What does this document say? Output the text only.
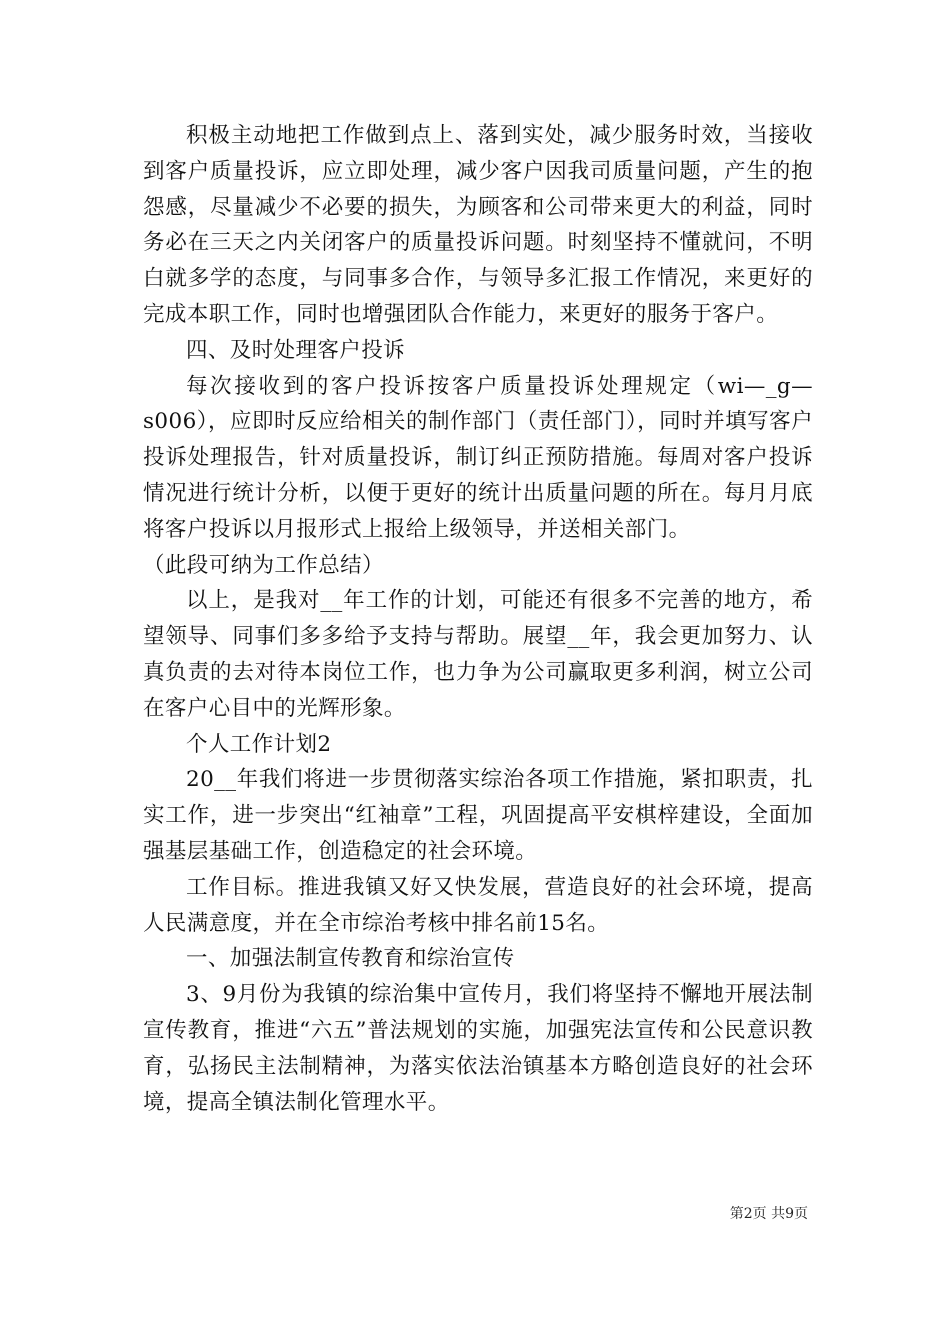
积极主动地把工作做到点上、落到实处，减少服务时效，当接收到客户质量投诉，应立即处理，减少客户因我司质量问题，产生的抱怨感，尽量减少不必要的损失，为顾客和公司带来更大的利益，同时务必在三天之内关闭客户的质量投诉问题。时刻坚持不懂就问，不明白就多学的态度，与同事多合作，与领导多汇报工作情况，来更好的完成本职工作，同时也增强团队合作能力，来更好的服务于客户。

四、及时处理客户投诉

每次接收到的客户投诉按客户质量投诉处理规定（wi—_g—s006），应即时反应给相关的制作部门（责任部门），同时并填写客户投诉处理报告，针对质量投诉，制订纠正预防措施。每周对客户投诉情况进行统计分析，以便于更好的统计出质量问题的所在。每月月底将客户投诉以月报形式上报给上级领导，并送相关部门。

（此段可纳为工作总结）

以上，是我对__年工作的计划，可能还有很多不完善的地方，希望领导、同事们多多给予支持与帮助。展望__年，我会更加努力、认真负责的去对待本岗位工作，也力争为公司赢取更多利润，树立公司在客户心目中的光辉形象。

个人工作计划2

20__年我们将进一步贯彻落实综治各项工作措施，紧扣职责，扎实工作，进一步突出“红袖章”工程，巩固提高平安棋梓建设，全面加强基层基础工作，创造稳定的社会环境。

工作目标。推进我镇又好又快发展，营造良好的社会环境，提高人民满意度，并在全市综治考核中排名前15名。

一、加强法制宣传教育和综治宣传

3、9月份为我镇的综治集中宣传月，我们将坚持不懈地开展法制宣传教育，推进“六五”普法规划的实施，加强宪法宣传和公民意识教育，弘扬民主法制精神，为落实依法治镇基本方略创造良好的社会环境，提高全镇法制化管理水平。

第2页 共9页
